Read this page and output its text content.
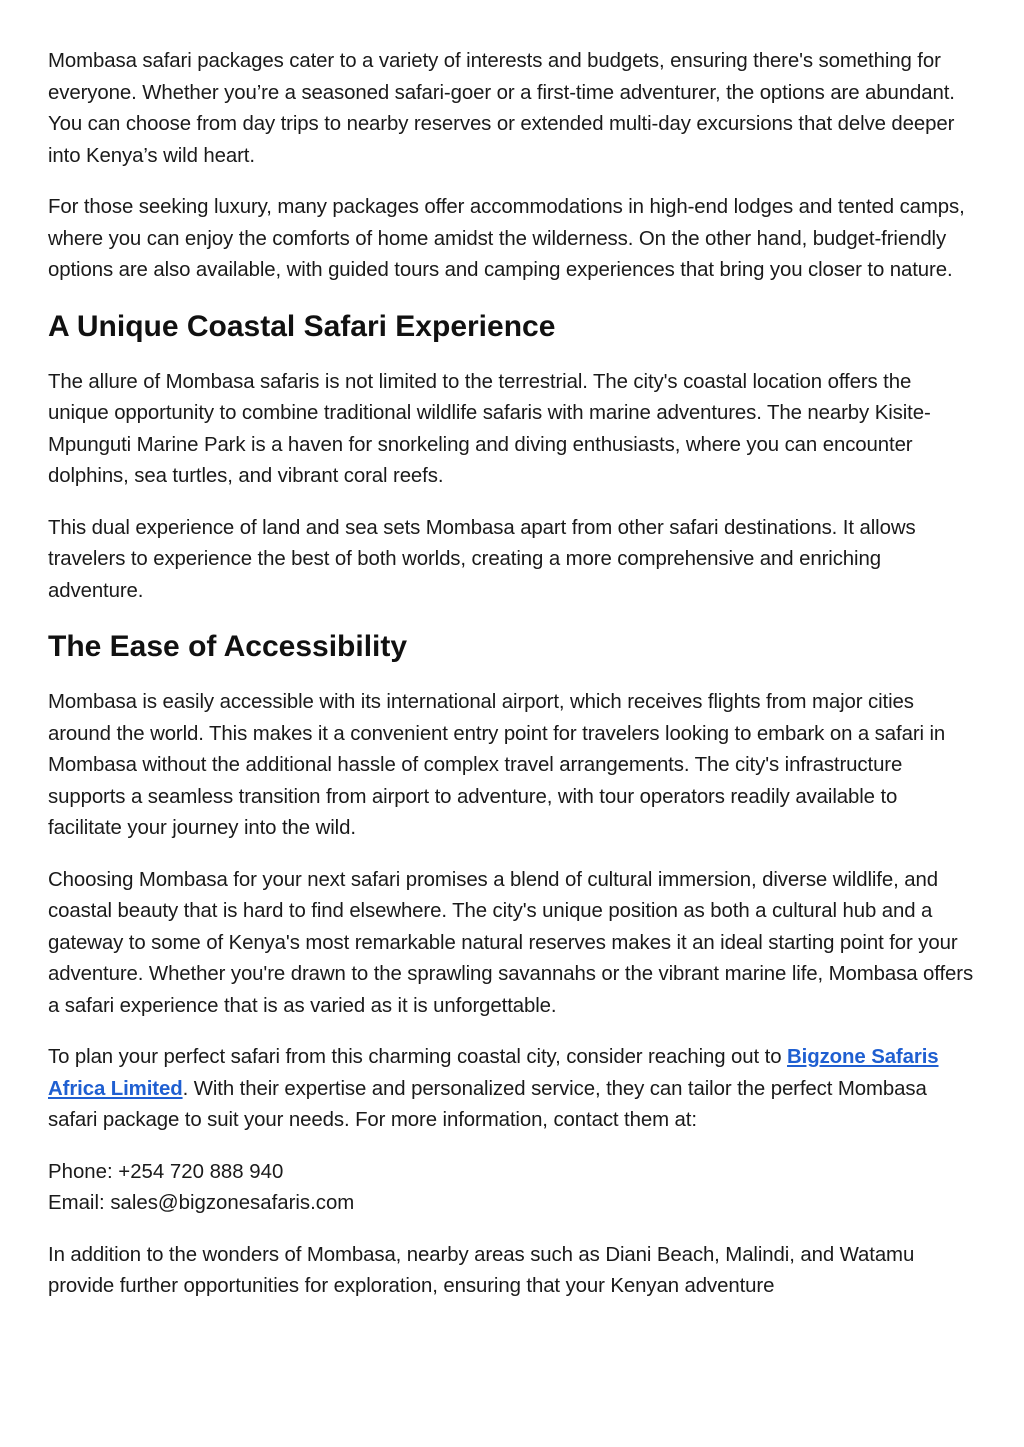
Mombasa safari packages cater to a variety of interests and budgets, ensuring there's something for everyone. Whether you’re a seasoned safari-goer or a first-time adventurer, the options are abundant. You can choose from day trips to nearby reserves or extended multi-day excursions that delve deeper into Kenya’s wild heart.

For those seeking luxury, many packages offer accommodations in high-end lodges and tented camps, where you can enjoy the comforts of home amidst the wilderness. On the other hand, budget-friendly options are also available, with guided tours and camping experiences that bring you closer to nature.

A Unique Coastal Safari Experience

The allure of Mombasa safaris is not limited to the terrestrial. The city's coastal location offers the unique opportunity to combine traditional wildlife safaris with marine adventures. The nearby Kisite-Mpunguti Marine Park is a haven for snorkeling and diving enthusiasts, where you can encounter dolphins, sea turtles, and vibrant coral reefs.

This dual experience of land and sea sets Mombasa apart from other safari destinations. It allows travelers to experience the best of both worlds, creating a more comprehensive and enriching adventure.

The Ease of Accessibility

Mombasa is easily accessible with its international airport, which receives flights from major cities around the world. This makes it a convenient entry point for travelers looking to embark on a safari in Mombasa without the additional hassle of complex travel arrangements. The city's infrastructure supports a seamless transition from airport to adventure, with tour operators readily available to facilitate your journey into the wild.

Choosing Mombasa for your next safari promises a blend of cultural immersion, diverse wildlife, and coastal beauty that is hard to find elsewhere. The city's unique position as both a cultural hub and a gateway to some of Kenya's most remarkable natural reserves makes it an ideal starting point for your adventure. Whether you're drawn to the sprawling savannahs or the vibrant marine life, Mombasa offers a safari experience that is as varied as it is unforgettable.

To plan your perfect safari from this charming coastal city, consider reaching out to Bigzone Safaris Africa Limited. With their expertise and personalized service, they can tailor the perfect Mombasa safari package to suit your needs. For more information, contact them at:

Phone: +254 720 888 940
Email: sales@bigzonesafaris.com

In addition to the wonders of Mombasa, nearby areas such as Diani Beach, Malindi, and Watamu provide further opportunities for exploration, ensuring that your Kenyan adventure
